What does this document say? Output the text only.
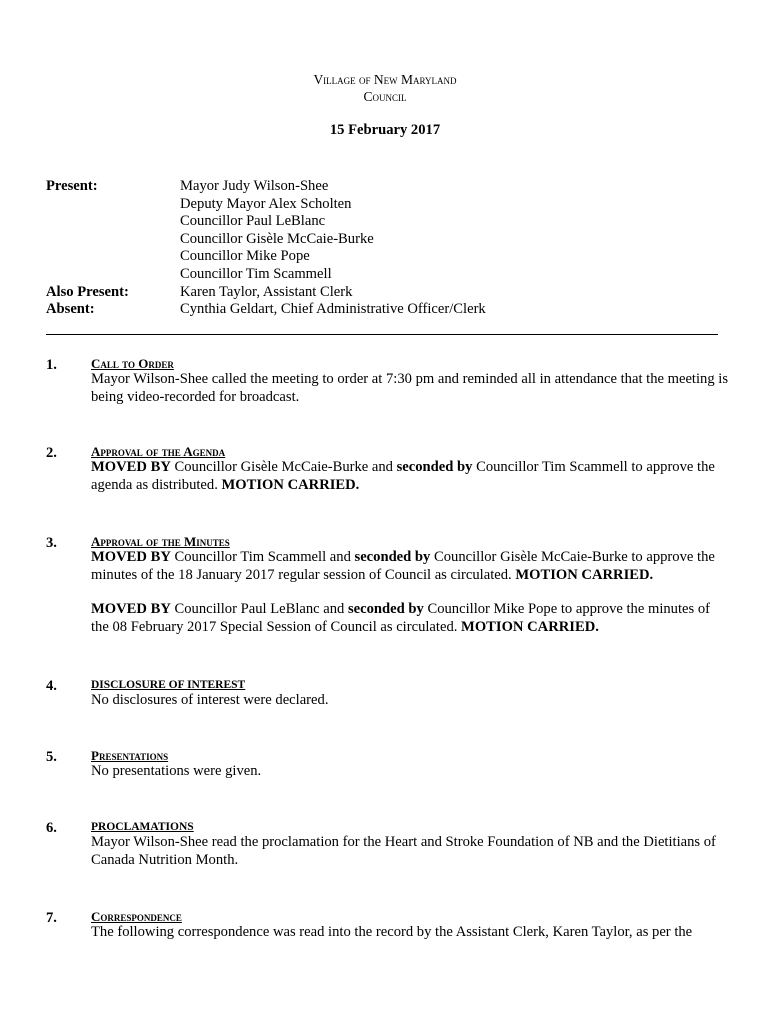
Village of New Maryland
Council
15 February 2017
Present:	Mayor Judy Wilson-Shee
Deputy Mayor Alex Scholten
Councillor Paul LeBlanc
Councillor Gisèle McCaie-Burke
Councillor Mike Pope
Councillor Tim Scammell
Also Present:	Karen Taylor, Assistant Clerk
Absent:	Cynthia Geldart, Chief Administrative Officer/Clerk
1.	Call to Order

Mayor Wilson-Shee called the meeting to order at 7:30 pm and reminded all in attendance that the meeting is being video-recorded for broadcast.

2.	Approval of the Agenda

MOVED BY Councillor Gisèle McCaie-Burke and seconded by Councillor Tim Scammell to approve the agenda as distributed. MOTION CARRIED.

3.	Approval of the Minutes

MOVED BY Councillor Tim Scammell and seconded by Councillor Gisèle McCaie-Burke to approve the minutes of the 18 January 2017 regular session of Council as circulated. MOTION CARRIED.

MOVED BY Councillor Paul LeBlanc and seconded by Councillor Mike Pope to approve the minutes of the 08 February 2017 Special Session of Council as circulated. MOTION CARRIED.

4.	DISCLOSURE OF INTEREST

No disclosures of interest were declared.

5.	Presentations

No presentations were given.

6.	PROCLAMATIONS

Mayor Wilson-Shee read the proclamation for the Heart and Stroke Foundation of NB and the Dietitians of Canada Nutrition Month.

7.	Correspondence

The following correspondence was read into the record by the Assistant Clerk, Karen Taylor, as per the
